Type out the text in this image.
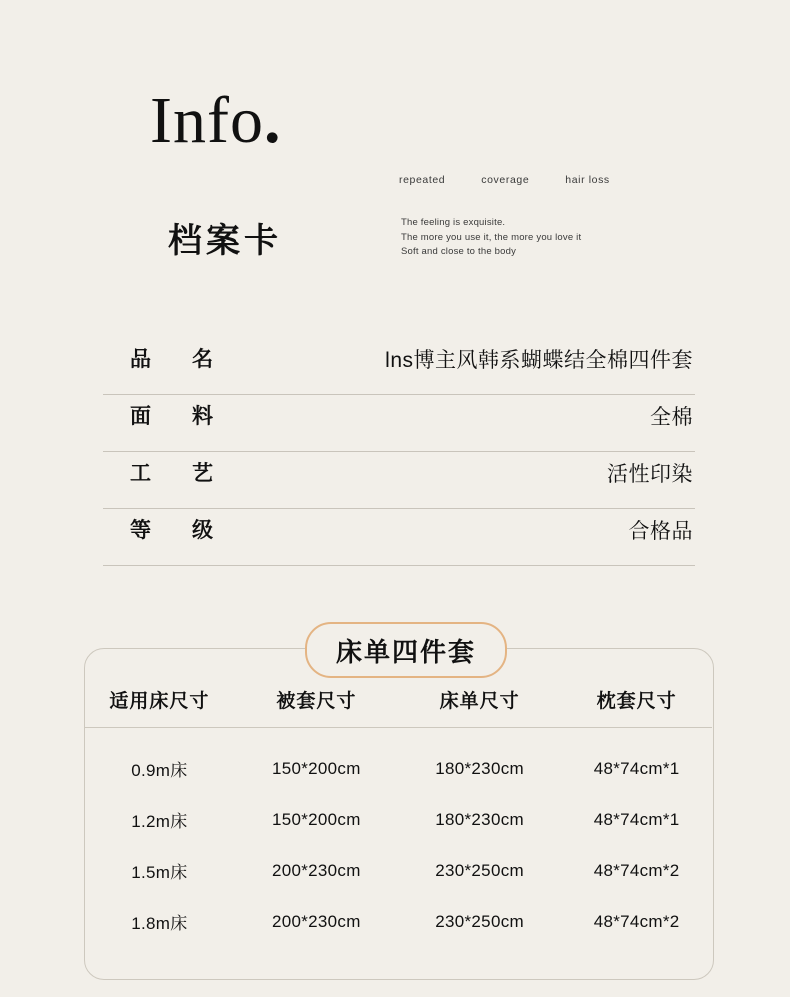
Info.
档案卡
repeated	coverage	hair loss
The feeling is exquisite.
The more you use it, the more you love it
Soft and close to the body
品　名	lns博主风韩系蝴蝶结全棉四件套
面　料	全棉
工　艺	活性印染
等　级	合格品
床单四件套
适用床尺寸	被套尺寸	床单尺寸	枕套尺寸
0.9m床	150*200cm	180*230cm	48*74cm*1
1.2m床	150*200cm	180*230cm	48*74cm*1
1.5m床	200*230cm	230*250cm	48*74cm*2
1.8m床	200*230cm	230*250cm	48*74cm*2
